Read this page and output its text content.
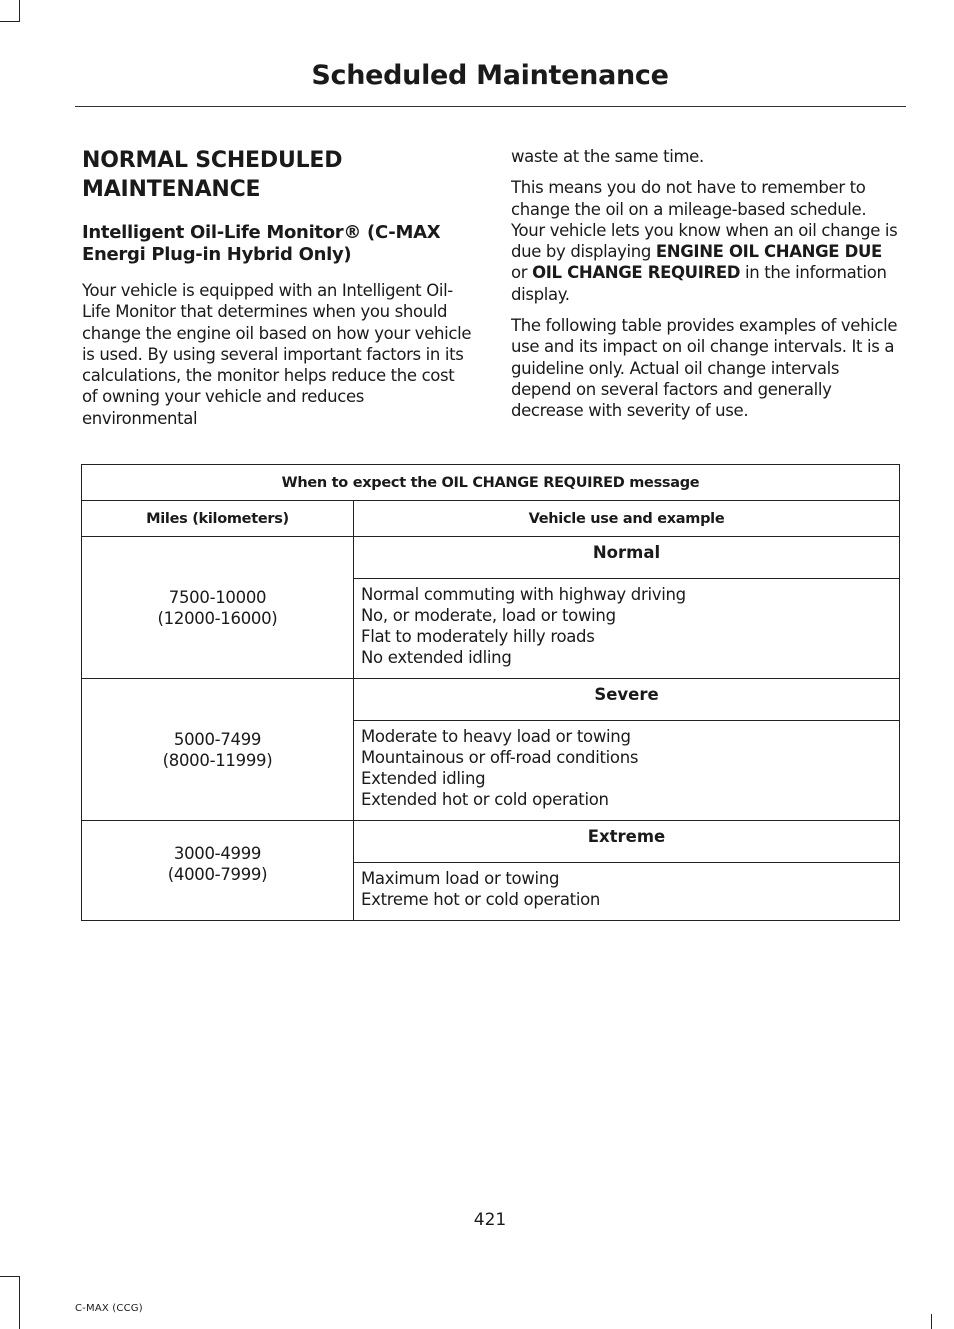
Scheduled Maintenance
NORMAL SCHEDULED MAINTENANCE
Intelligent Oil-Life Monitor® (C-MAX Energi Plug-in Hybrid Only)
Your vehicle is equipped with an Intelligent Oil-Life Monitor that determines when you should change the engine oil based on how your vehicle is used. By using several important factors in its calculations, the monitor helps reduce the cost of owning your vehicle and reduces environmental
waste at the same time.
This means you do not have to remember to change the oil on a mileage-based schedule. Your vehicle lets you know when an oil change is due by displaying ENGINE OIL CHANGE DUE or OIL CHANGE REQUIRED in the information display.
The following table provides examples of vehicle use and its impact on oil change intervals. It is a guideline only. Actual oil change intervals depend on several factors and generally decrease with severity of use.
When to expect the OIL CHANGE REQUIRED message	
Miles (kilometers)	Vehicle use and example

7500-10000
(12000-16000)	Normal

	Normal commuting with highway driving
No, or moderate, load or towing
Flat to moderately hilly roads
No extended idling

5000-7499
(8000-11999)	Severe

	Moderate to heavy load or towing
Mountainous or off-road conditions
Extended idling
Extended hot or cold operation

3000-4999
(4000-7999)	Extreme

	Maximum load or towing
Extreme hot or cold operation
421
C-MAX (CCG)
